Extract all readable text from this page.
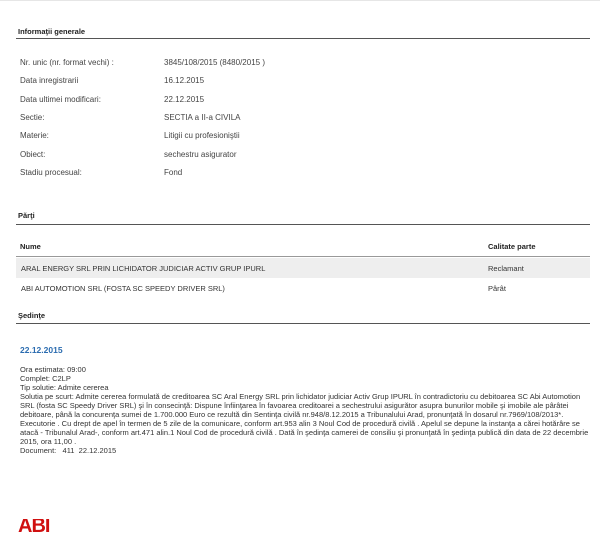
Informaţii generale
Nr. unic (nr. format vechi) :	3845/108/2015 (8480/2015 )
Data inregistrarii	16.12.2015
Data ultimei modificari:	22.12.2015
Sectie:	SECTIA a II-a CIVILA
Materie:	Litigii cu profesioniştii
Obiect:	sechestru asigurator
Stadiu procesual:	Fond
Părţi
Nume	Calitate parte
ARAL ENERGY SRL PRIN LICHIDATOR JUDICIAR ACTIV GRUP IPURL	Reclamant
ABI AUTOMOTION SRL (FOSTA SC SPEEDY DRIVER SRL)	Pârât
Şedinţe
22.12.2015
Ora estimata: 09:00
Complet: C2LP
Tip solutie: Admite cererea
Solutia pe scurt: Admite cererea formulată de creditoarea SC Aral Energy SRL prin lichidator judiciar Activ Grup IPURL în contradictoriu cu debitoarea SC Abi Automotion SRL (fosta SC Speedy Driver SRL) şi în consecinţă: Dispune înfiinţarea în favoarea creditoarei a sechestrului asigurător asupra bunurilor mobile şi imobile ale pârâtei debitoare, până la concurenţa sumei de 1.700.000 Euro ce rezultă din Sentinţa civilă nr.948/8.12.2015 a Tribunalului Arad, pronunţată în dosarul nr.7969/108/2013*. Executorie . Cu drept de apel în termen de 5 zile de la comunicare, conform art.953 alin 3 Noul Cod de procedură civilă . Apelul se depune la instanţa a cărei hotărâre se atacă - Tribunalul Arad-, conform art.471 alin.1 Noul Cod de procedură civilă . Dată în şedinţa camerei de consiliu şi pronunţată în şedinţa publică din data de 22 decembrie 2015, ora 11,00 .
Document:   411  22.12.2015
ABI
